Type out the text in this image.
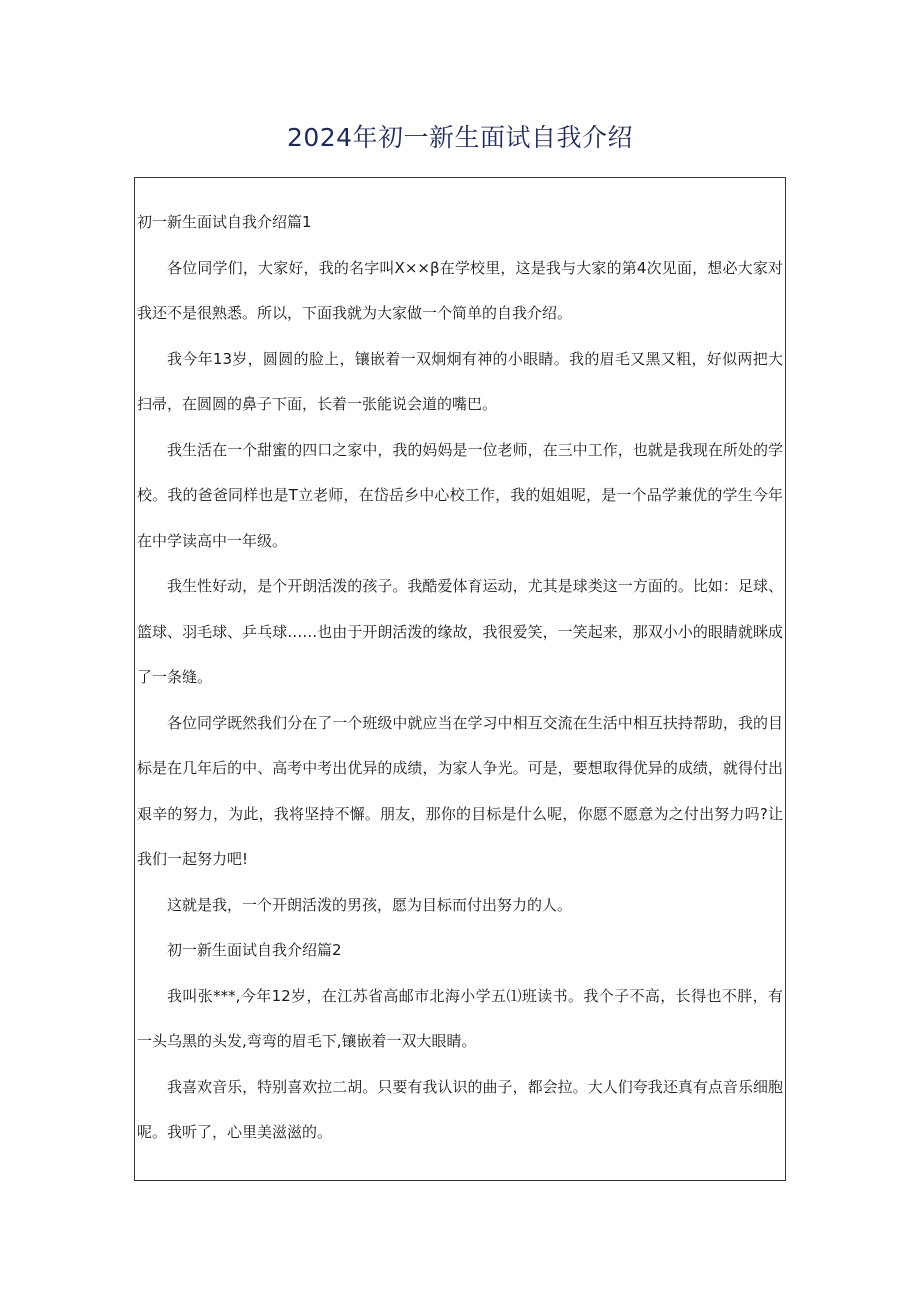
2024年初一新生面试自我介绍

初一新生面试自我介绍篇1

各位同学们，大家好，我的名字叫X××β在学校里，这是我与大家的第4次见面，想必大家对我还不是很熟悉。所以，下面我就为大家做一个简单的自我介绍。

我今年13岁，圆圆的脸上，镶嵌着一双炯炯有神的小眼睛。我的眉毛又黑又粗，好似两把大扫帚，在圆圆的鼻子下面，长着一张能说会道的嘴巴。

我生活在一个甜蜜的四口之家中，我的妈妈是一位老师，在三中工作，也就是我现在所处的学校。我的爸爸同样也是T立老师，在岱岳乡中心校工作，我的姐姐呢，是一个品学兼优的学生今年在中学读高中一年级。

我生性好动，是个开朗活泼的孩子。我酷爱体育运动，尤其是球类这一方面的。比如：足球、篮球、羽毛球、乒乓球……也由于开朗活泼的缘故，我很爱笑，一笑起来，那双小小的眼睛就眯成了一条缝。

各位同学既然我们分在了一个班级中就应当在学习中相互交流在生活中相互扶持帮助，我的目标是在几年后的中、高考中考出优异的成绩，为家人争光。可是，要想取得优异的成绩，就得付出艰辛的努力，为此，我将坚持不懈。朋友，那你的目标是什么呢，你愿不愿意为之付出努力吗?让我们一起努力吧!

这就是我，一个开朗活泼的男孩，愿为目标而付出努力的人。

初一新生面试自我介绍篇2

我叫张***,今年12岁，在江苏省高邮市北海小学五⑴班读书。我个子不高，长得也不胖，有一头乌黑的头发,弯弯的眉毛下,镶嵌着一双大眼睛。

我喜欢音乐，特别喜欢拉二胡。只要有我认识的曲子，都会拉。大人们夸我还真有点音乐细胞呢。我听了，心里美滋滋的。
